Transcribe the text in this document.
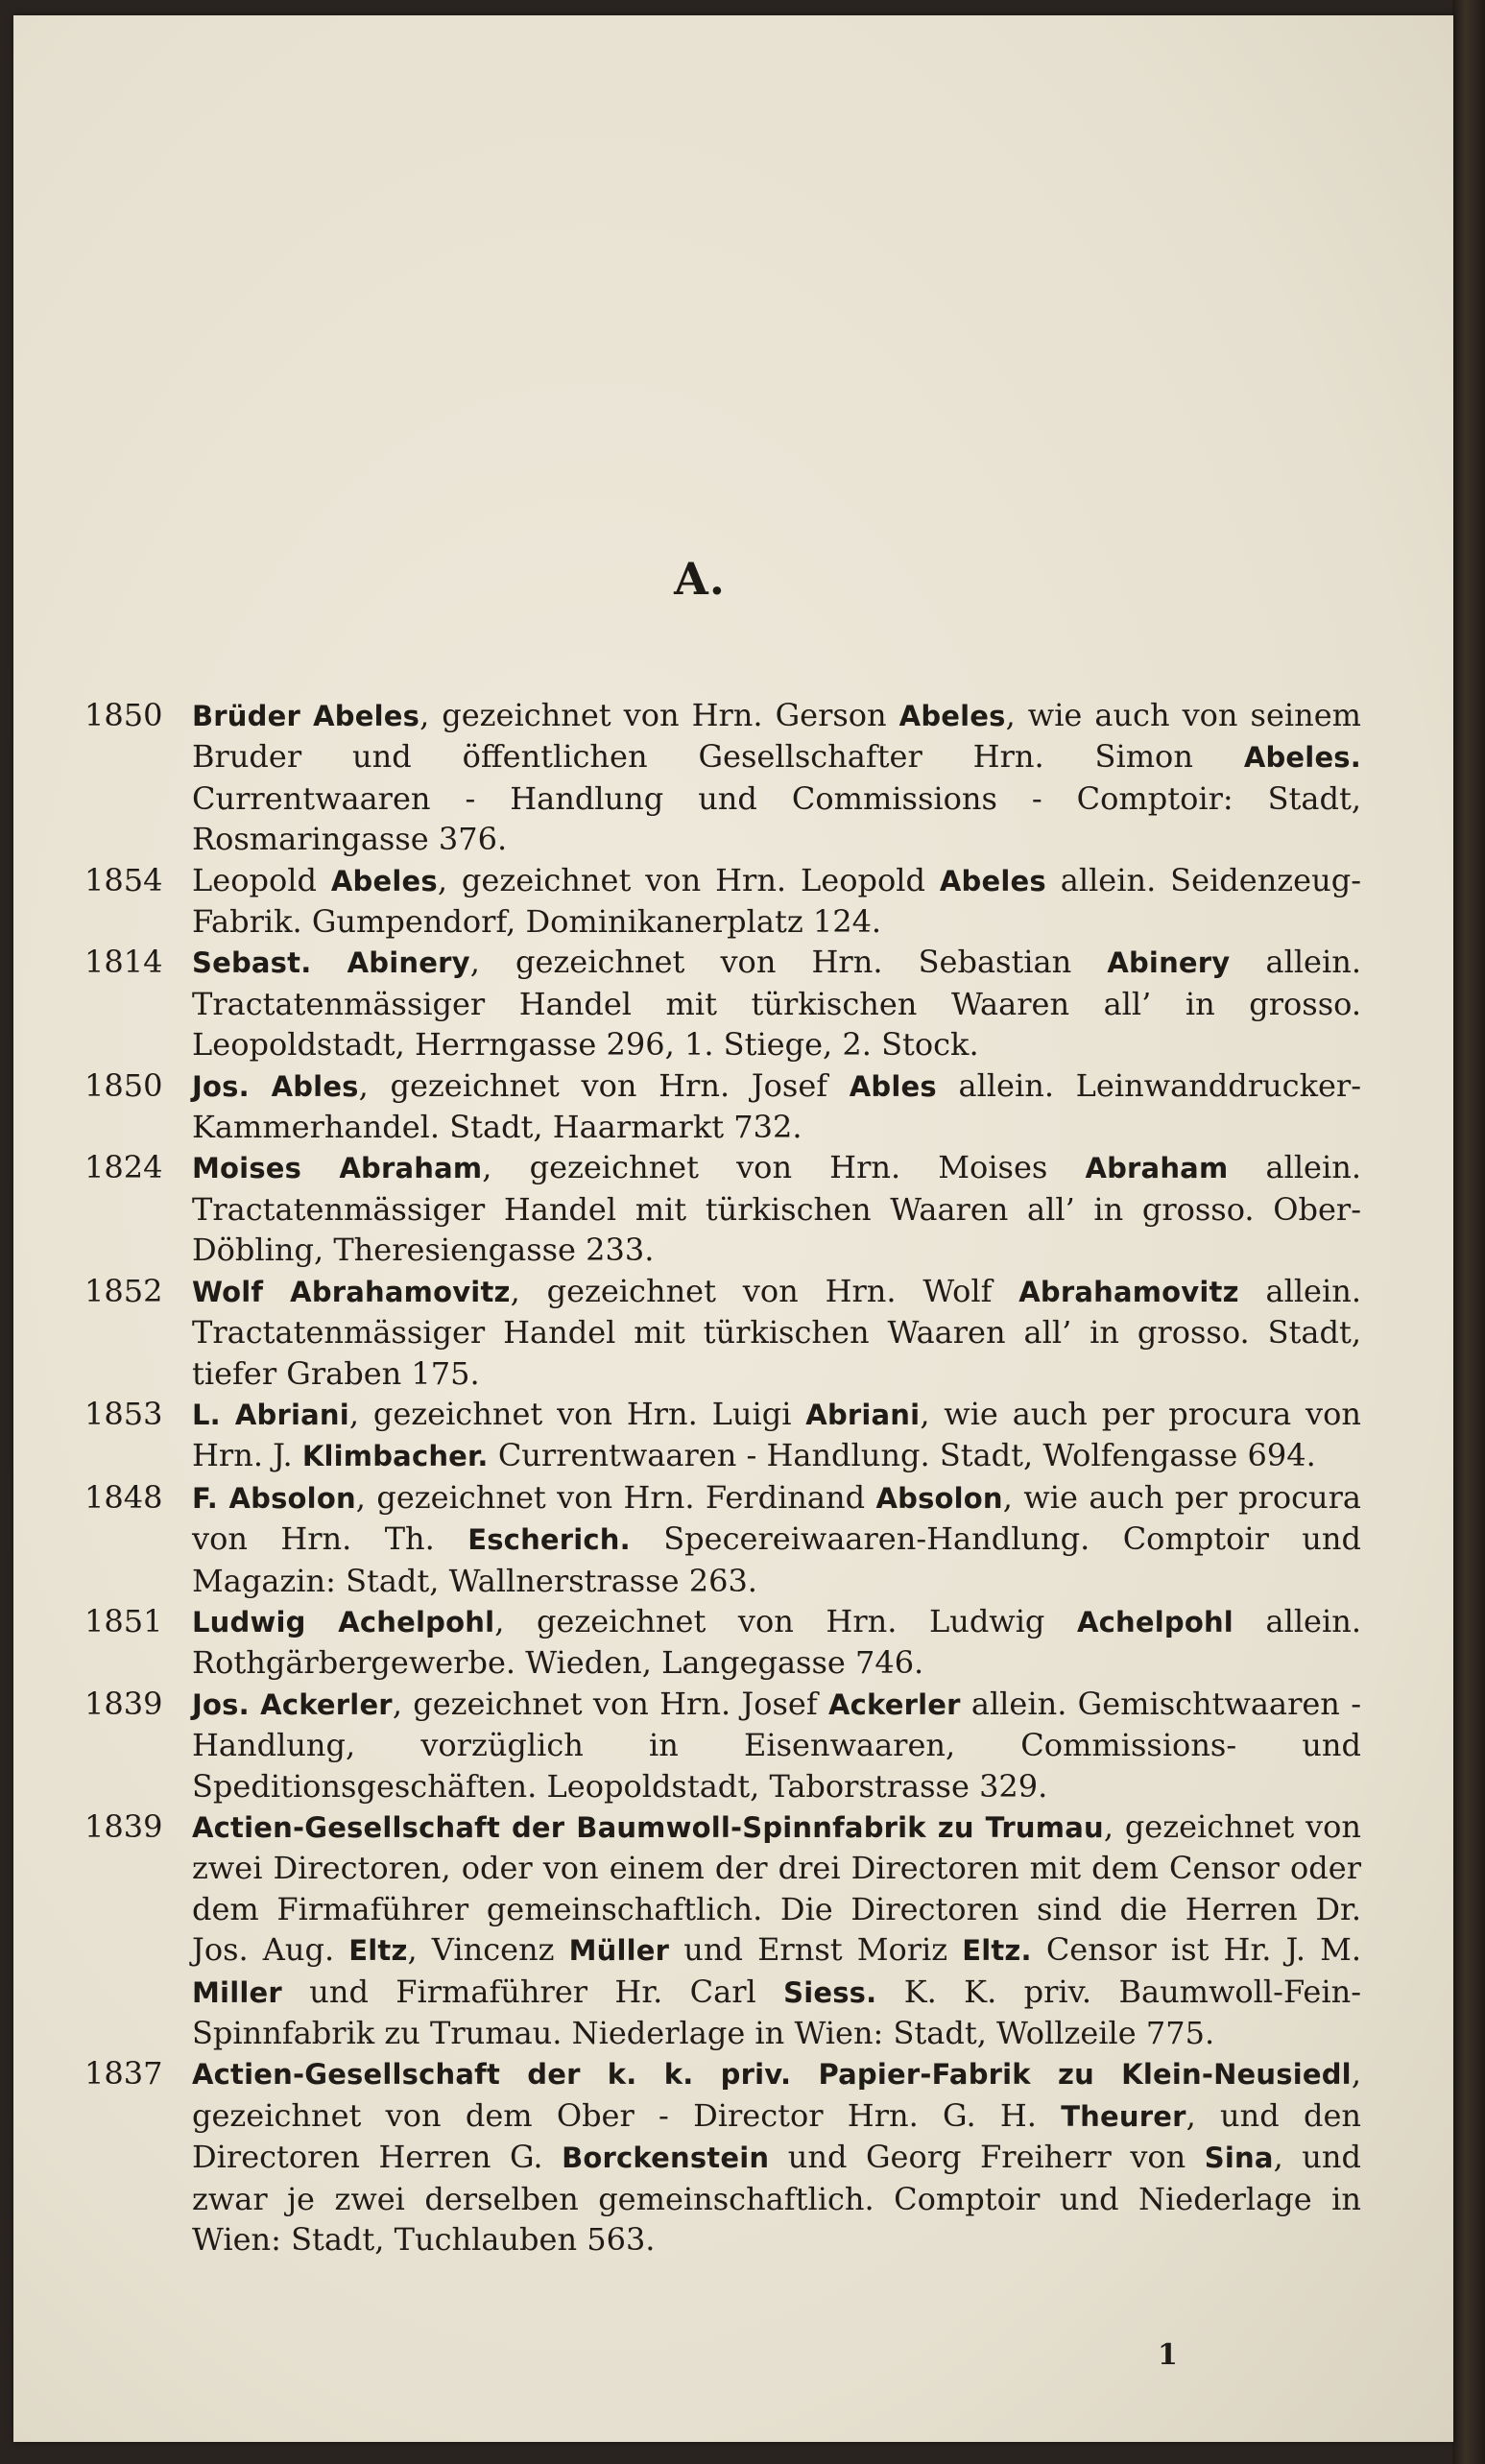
A.
1850	Brüder Abeles, gezeichnet von Hrn. Gerson Abeles, wie auch von seinem Bruder und öffentlichen Gesellschafter Hrn. Simon Abeles. Currentwaaren - Handlung und Commissions - Comptoir: Stadt, Rosmaringasse 376.
1854 Leopold Abeles, gezeichnet von Hrn. Leopold Abeles allein. Seidenzeug-Fabrik. Gumpendorf, Dominikanerplatz 124.
1814	Sebast. Abinery, gezeichnet von Hrn. Sebastian Abinery allein. Tractatenmässiger Handel mit türkischen Waaren all’ in grosso. Leopoldstadt, Herrngasse 296, 1. Stiege, 2. Stock.
1850	Jos. Ables, gezeichnet von Hrn. Josef Ables allein. Leinwanddrucker-Kammerhandel. Stadt, Haarmarkt 732.
1824	Moises Abraham, gezeichnet von Hrn. Moises Abraham allein. Tractatenmässiger Handel mit türkischen Waaren all’ in grosso. Ober-Döbling, Theresiengasse 233.
1852	Wolf Abrahamovitz, gezeichnet von Hrn. Wolf Abrahamovitz allein. Tractatenmässiger Handel mit türkischen Waaren all’ in grosso. Stadt, tiefer Graben 175.
1853	L. Abriani, gezeichnet von Hrn. Luigi Abriani, wie auch per procura von Hrn. J. Klimbacher. Currentwaaren - Handlung. Stadt, Wolfengasse 694.
1848	F. Absolon, gezeichnet von Hrn. Ferdinand Absolon, wie auch per procura von Hrn. Th. Escherich. Specereiwaaren-Handlung. Comptoir und Magazin: Stadt, Wallnerstrasse 263.
1851	Ludwig Achelpohl, gezeichnet von Hrn. Ludwig Achelpohl allein. Rothgärbergewerbe. Wieden, Langegasse 746.
1839	Jos. Ackerler, gezeichnet von Hrn. Josef Ackerler allein. Gemischtwaaren - Handlung, vorzüglich in Eisenwaaren, Commissions- und Speditionsgeschäften. Leopoldstadt, Taborstrasse 329.
1839	Actien-Gesellschaft der Baumwoll-Spinnfabrik zu Trumau, gezeichnet von zwei Directoren, oder von einem der drei Directoren mit dem Censor oder dem Firmaführer gemeinschaftlich. Die Directoren sind die Herren Dr. Jos. Aug. Eltz, Vincenz Müller und Ernst Moriz Eltz. Censor ist Hr. J. M. Miller und Firmaführer Hr. Carl Siess. K. K. priv. Baumwoll-Fein-Spinnfabrik zu Trumau. Niederlage in Wien: Stadt, Wollzeile 775.
1837	Actien-Gesellschaft der k. k. priv. Papier-Fabrik zu Klein-Neusiedl, gezeichnet von dem Ober - Director Hrn. G. H. Theurer, und den Directoren Herren G. Borckenstein und Georg Freiherr von Sina, und zwar je zwei derselben gemeinschaftlich. Comptoir und Niederlage in Wien: Stadt, Tuchlauben 563.
1
